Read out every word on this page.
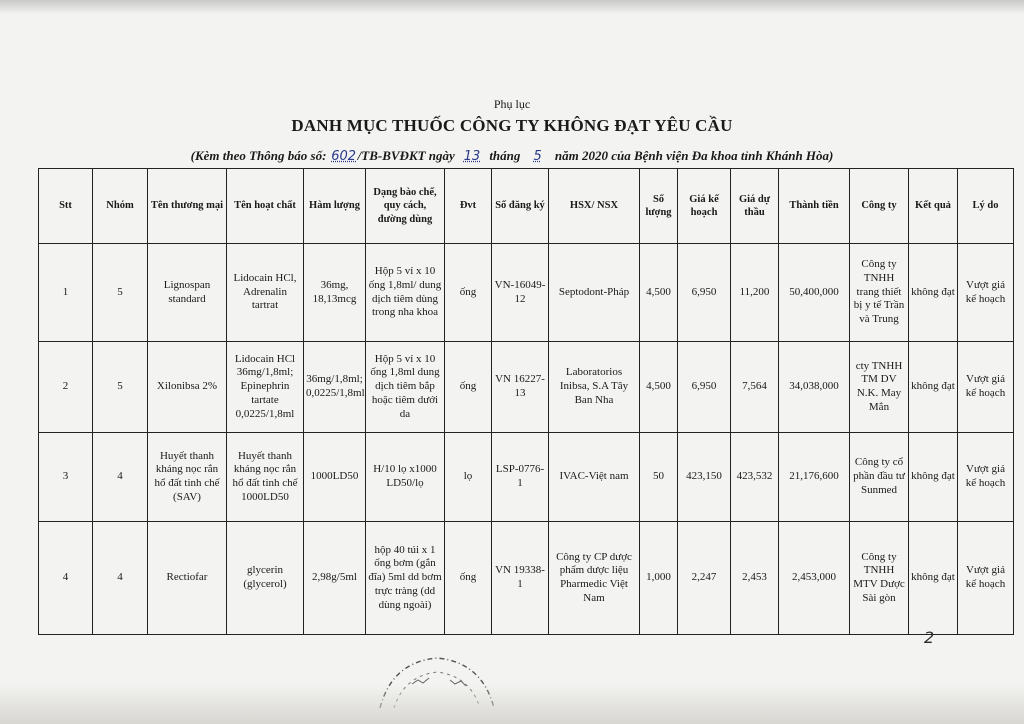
Phụ lục
DANH MỤC THUỐC CÔNG TY KHÔNG ĐẠT YÊU CẦU
(Kèm theo Thông báo số: 602 /TB-BVĐKT ngày 13 tháng 5 năm 2020 của Bệnh viện Đa khoa tỉnh Khánh Hòa)
Stt	Nhóm	Tên thương mại	Tên hoạt chất	Hàm lượng	Dạng bào chế, quy cách, đường dùng	Đvt	Số đăng ký	HSX/ NSX	Số lượng	Giá kế hoạch	Giá dự thầu	Thành tiền	Công ty	Kết quả	Lý do
1	5	Lignospan standard	Lidocain HCl, Adrenalin tartrat	36mg, 18,13mcg	Hộp 5 vỉ x 10 ống 1,8ml/ dung dịch tiêm dùng trong nha khoa	ống	VN-16049-12	Septodont-Pháp	4,500	6,950	11,200	50,400,000	Công ty TNHH trang thiết bị y tế Trần và Trung	không đạt	Vượt giá kế hoạch
2	5	Xilonibsa 2%	Lidocain HCl 36mg/1,8ml; Epinephrin tartate 0,0225/1,8ml	36mg/1,8ml; 0,0225/1,8ml	Hộp 5 vỉ x 10 ống 1,8ml dung dịch tiêm bắp hoặc tiêm dưới da	ống	VN 16227-13	Laboratorios Inibsa, S.A Tây Ban Nha	4,500	6,950	7,564	34,038,000	cty TNHH TM DV N.K. May Mắn	không đạt	Vượt giá kế hoạch
3	4	Huyết thanh kháng nọc rắn hổ đất tinh chế (SAV)	Huyết thanh kháng nọc rắn hổ đất tinh chế 1000LD50	1000LD50	H/10 lọ x1000 LD50/lọ	lọ	LSP-0776-1	IVAC-Việt nam	50	423,150	423,532	21,176,600	Công ty cổ phần đầu tư Sunmed	không đạt	Vượt giá kế hoạch
4	4	Rectiofar	glycerin (glycerol)	2,98g/5ml	hộp 40 túi x 1 ống bơm (gắn đĩa) 5ml dd bơm trực tràng (dd dùng ngoài)	ống	VN 19338-1	Công ty CP dược phẩm dược liệu Pharmedic Việt Nam	1,000	2,247	2,453	2,453,000	Công ty TNHH MTV Dược Sài gòn	không đạt	Vượt giá kế hoạch
2
